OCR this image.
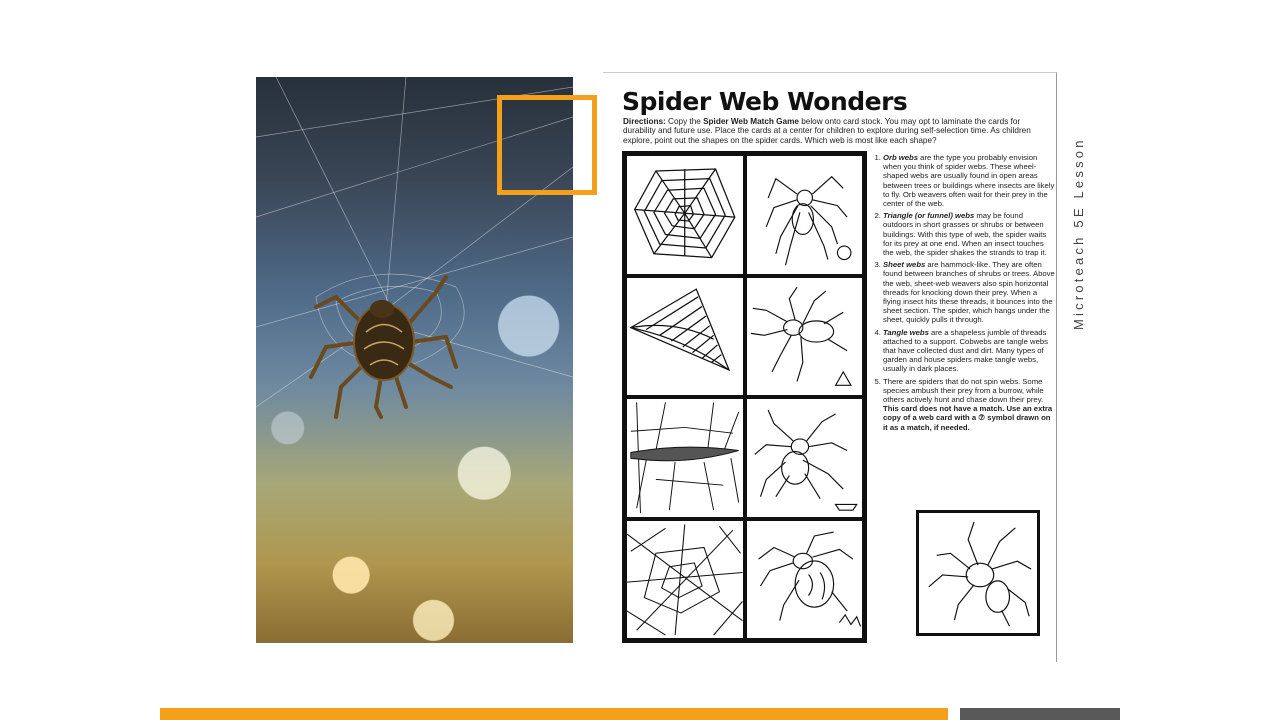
Spider Web Wonders
Directions: Copy the Spider Web Match Game below onto card stock. You may opt to laminate the cards for durability and future use. Place the cards at a center for children to explore during self-selection time. As children explore, point out the shapes on the spider cards. Which web is most like each shape?
1. Orb webs are the type you probably envision when you think of spider webs. These wheel-shaped webs are usually found in open areas between trees or buildings where insects are likely to fly. Orb weavers often wait for their prey in the center of the web.
2. Triangle (or funnel) webs may be found outdoors in short grasses or shrubs or between buildings. With this type of web, the spider waits for its prey at one end. When an insect touches the web, the spider shakes the strands to trap it.
3. Sheet webs are hammock-like. They are often found between branches of shrubs or trees. Above the web, sheet-web weavers also spin horizontal threads for knocking down their prey. When a flying insect hits these threads, it bounces into the sheet section. The spider, which hangs under the sheet, quickly pulls it through.
4. Tangle webs are a shapeless jumble of threads attached to a support. Cobwebs are tangle webs that have collected dust and dirt. Many types of garden and house spiders make tangle webs, usually in dark places.
5. There are spiders that do not spin webs. Some species ambush their prey from a burrow, while others actively hunt and chase down their prey. This card does not have a match. Use an extra copy of a web card with a ⑦ symbol drawn on it as a match, if needed.
Microteach 5E Lesson
